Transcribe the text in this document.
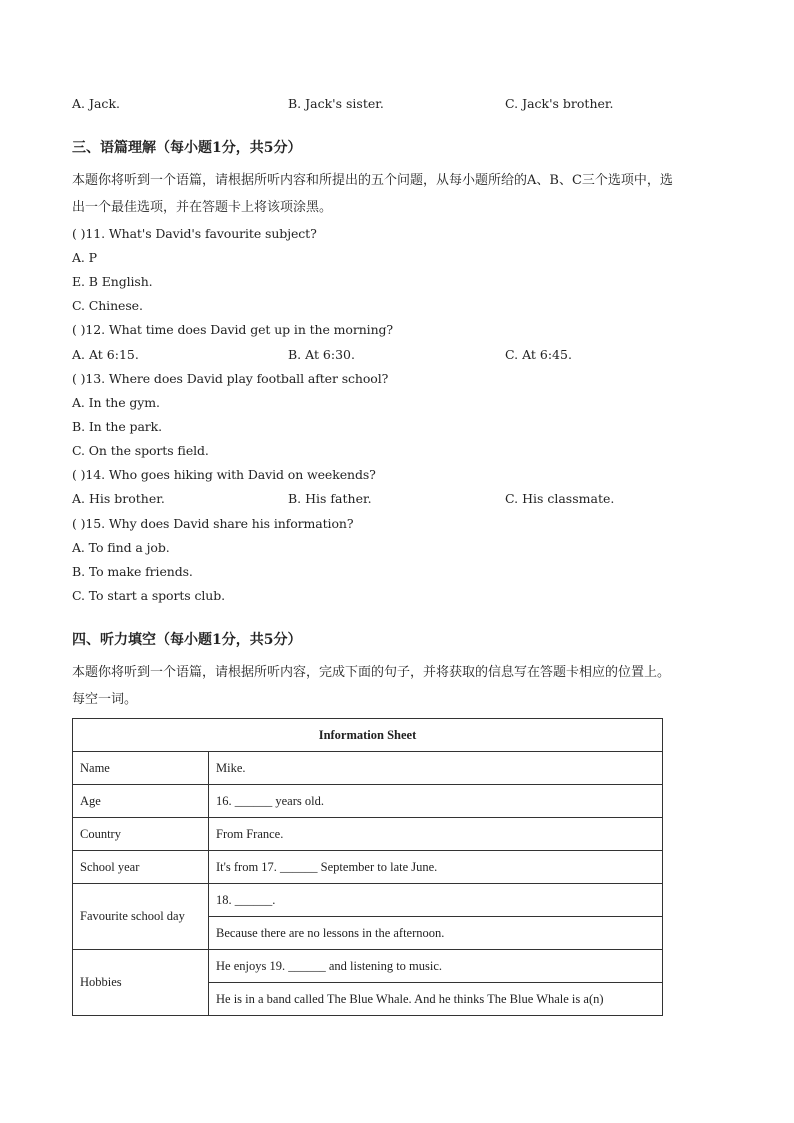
A. Jack.	B. Jack's sister.	C. Jack's brother.
三、语篇理解（每小题1分，共5分）
本题你将听到一个语篇，请根据所听内容和所提出的五个问题，从每小题所给的A、B、C三个选项中，选
出一个最佳选项，并在答题卡上将该项涂黑。
( )11. What's David's favourite subject?
A. P
E. B English.
C. Chinese.
( )12. What time does David get up in the morning?
A. At 6:15.	B. At 6:30.	C. At 6:45.
( )13. Where does David play football after school?
A. In the gym.
B. In the park.
C. On the sports field.
( )14. Who goes hiking with David on weekends?
A. His brother.	B. His father.	C. His classmate.
( )15. Why does David share his information?
A. To find a job.
B. To make friends.
C. To start a sports club.
四、听力填空（每小题1分，共5分）
本题你将听到一个语篇，请根据所听内容，完成下面的句子，并将获取的信息写在答题卡相应的位置上。
每空一词。
Information Sheet	
Name	Mike.
Age	16. ______ years old.
Country	From France.
School year	It's from 17. ______ September to late June.
Favourite school day	18. ______.
	Because there are no lessons in the afternoon.
Hobbies	He enjoys 19. ______ and listening to music.
	He is in a band called The Blue Whale. And he thinks The Blue Whale is a(n)
